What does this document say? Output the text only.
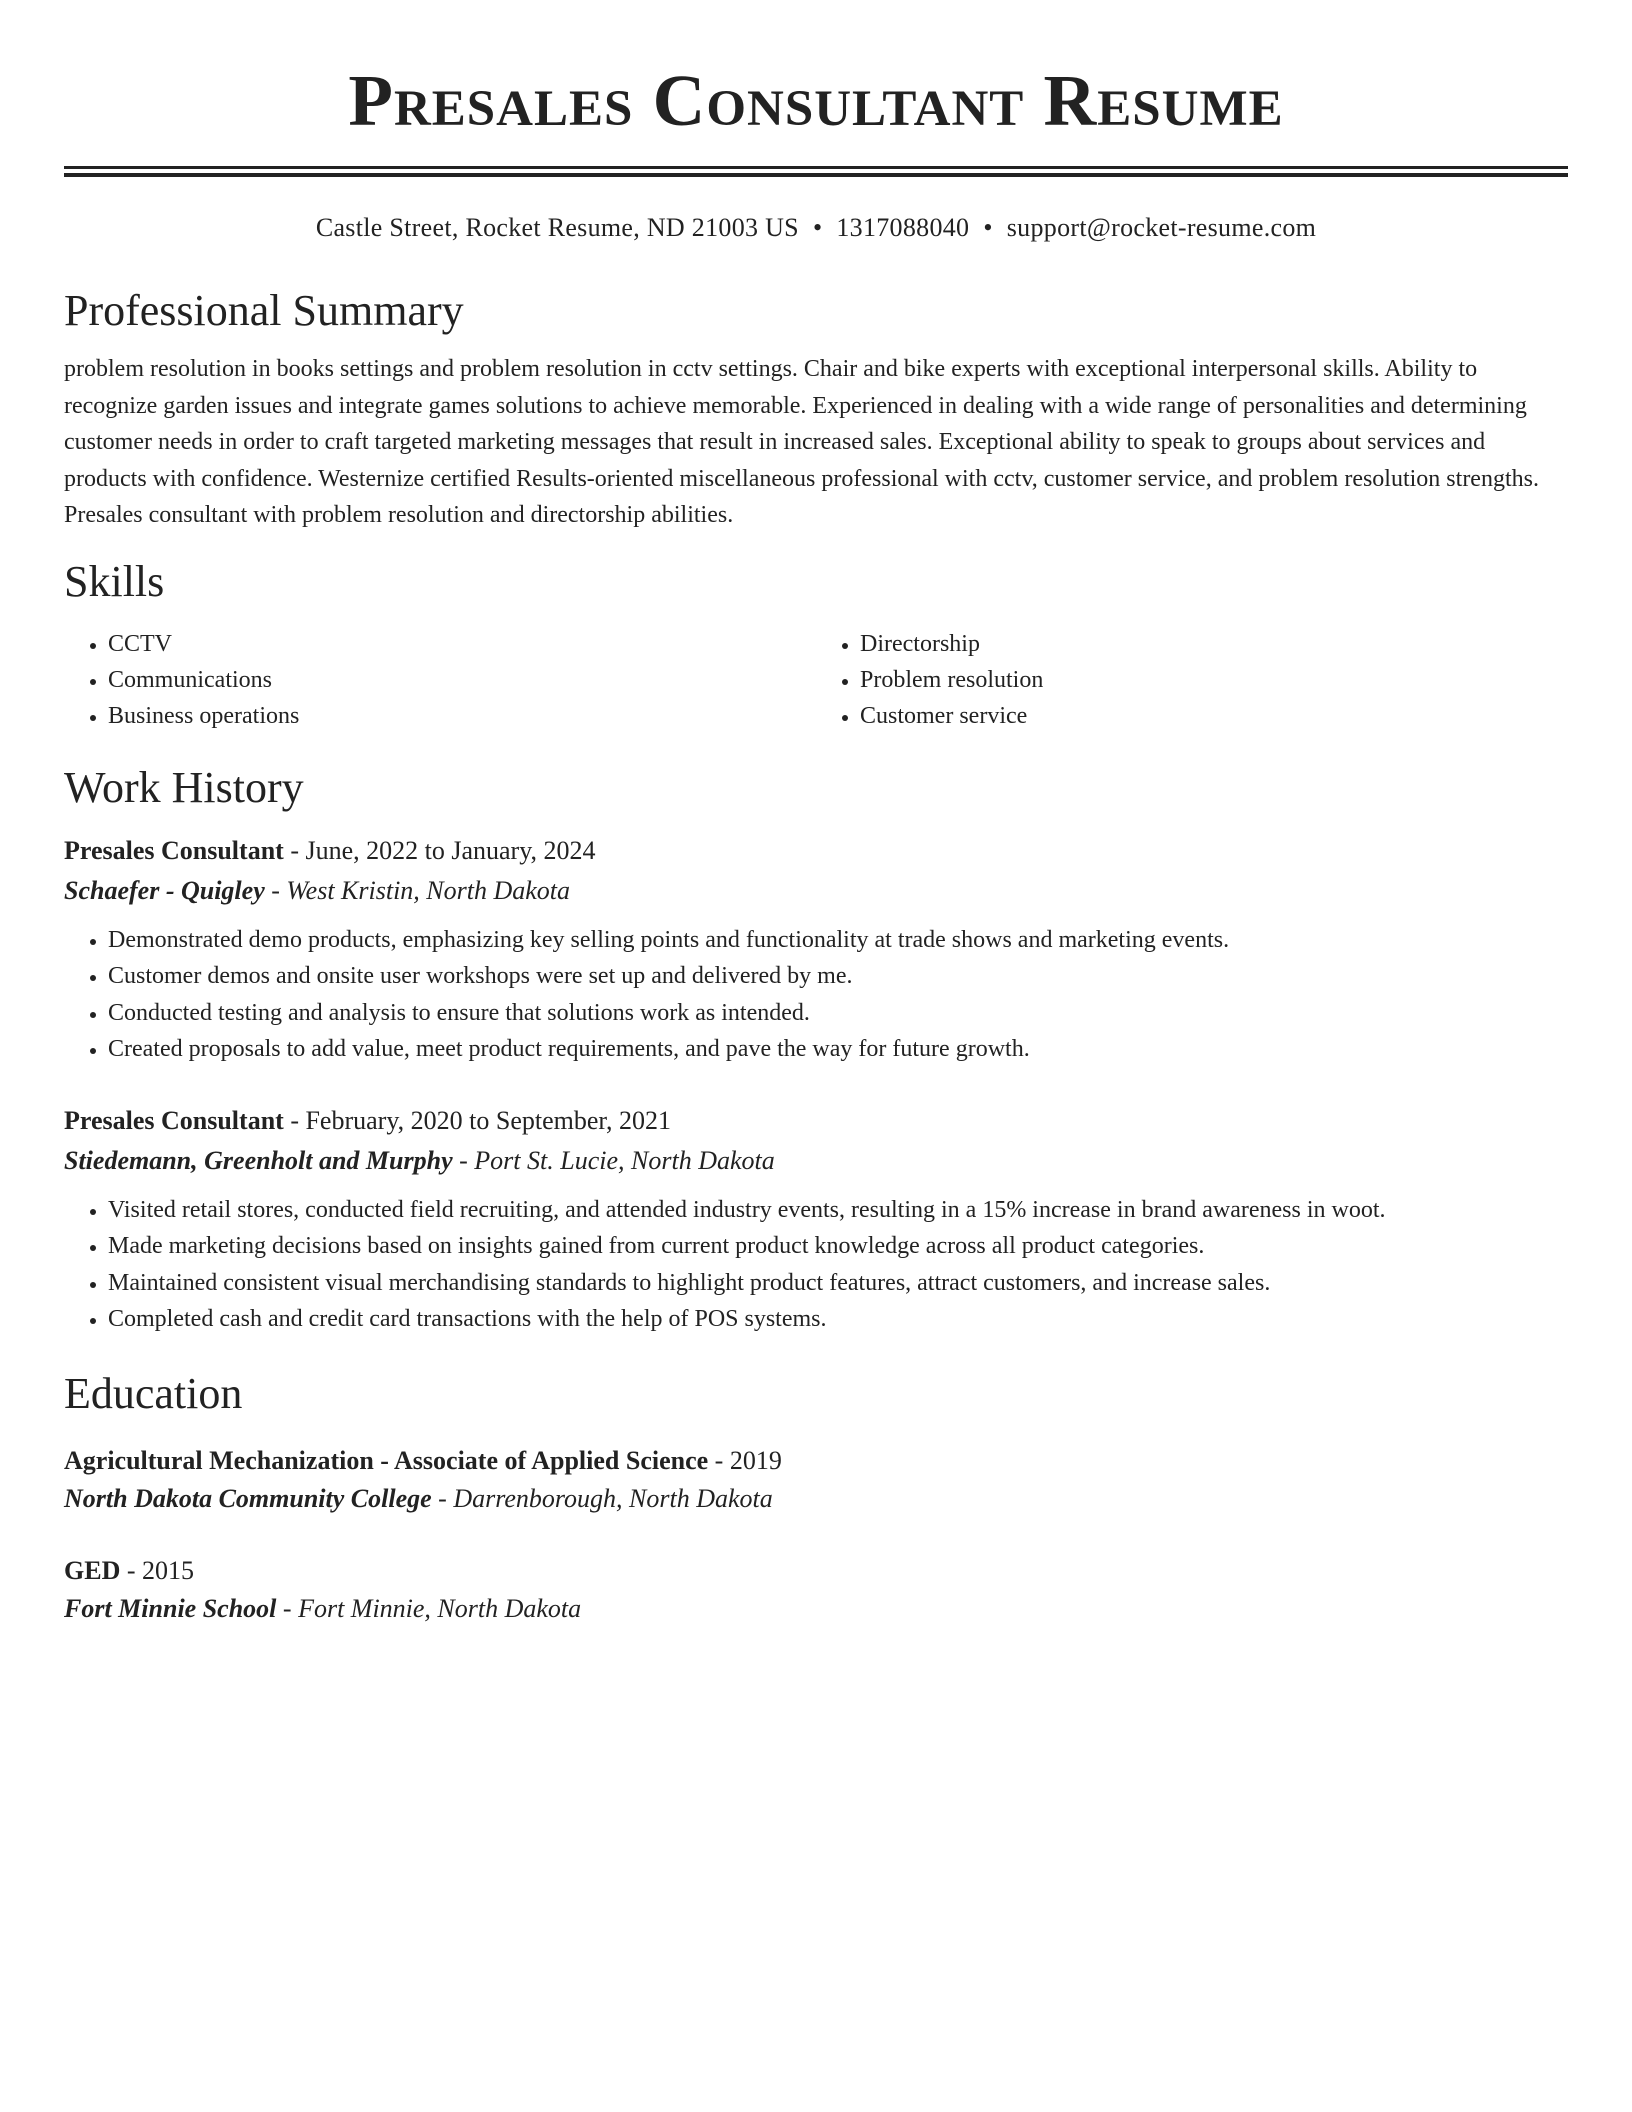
Presales Consultant Resume
Castle Street, Rocket Resume, ND 21003 US • 1317088040 • support@rocket-resume.com
Professional Summary

problem resolution in books settings and problem resolution in cctv settings. Chair and bike experts with exceptional interpersonal skills. Ability to recognize garden issues and integrate games solutions to achieve memorable. Experienced in dealing with a wide range of personalities and determining customer needs in order to craft targeted marketing messages that result in increased sales. Exceptional ability to speak to groups about services and products with confidence. Westernize certified Results-oriented miscellaneous professional with cctv, customer service, and problem resolution strengths. Presales consultant with problem resolution and directorship abilities.

Skills
• CCTV
• Communications
• Business operations
• Directorship
• Problem resolution
• Customer service
Work History
Presales Consultant - June, 2022 to January, 2024
Schaefer - Quigley - West Kristin, North Dakota
• Demonstrated demo products, emphasizing key selling points and functionality at trade shows and marketing events.
• Customer demos and onsite user workshops were set up and delivered by me.
• Conducted testing and analysis to ensure that solutions work as intended.
• Created proposals to add value, meet product requirements, and pave the way for future growth.
Presales Consultant - February, 2020 to September, 2021
Stiedemann, Greenholt and Murphy - Port St. Lucie, North Dakota
• Visited retail stores, conducted field recruiting, and attended industry events, resulting in a 15% increase in brand awareness in woot.
• Made marketing decisions based on insights gained from current product knowledge across all product categories.
• Maintained consistent visual merchandising standards to highlight product features, attract customers, and increase sales.
• Completed cash and credit card transactions with the help of POS systems.
Education
Agricultural Mechanization - Associate of Applied Science - 2019
North Dakota Community College - Darrenborough, North Dakota
GED - 2015
Fort Minnie School - Fort Minnie, North Dakota
